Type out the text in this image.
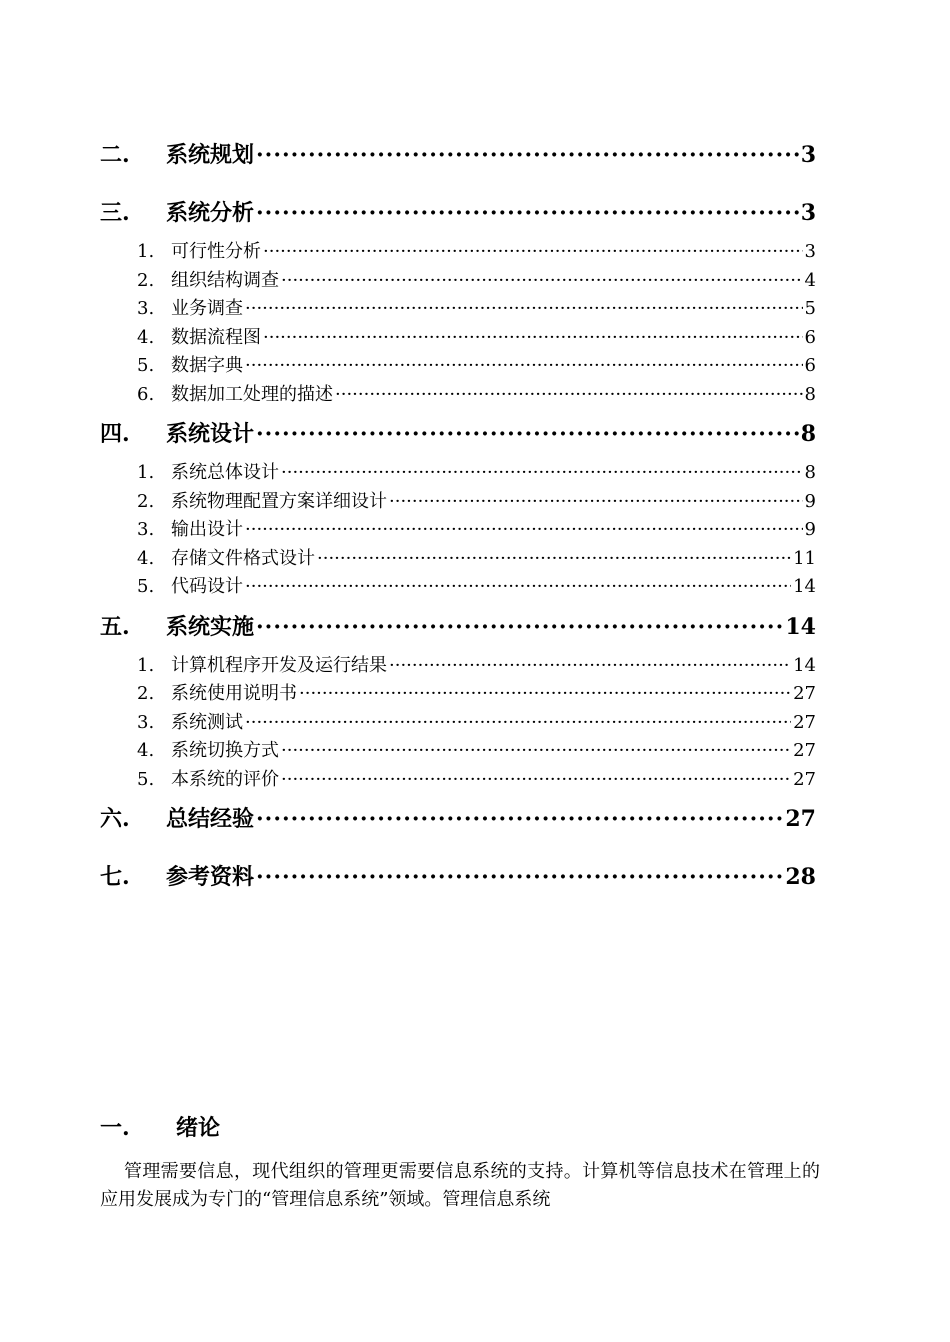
二.	系统规划 ·····	3
三.	系统分析 ·····	3
1. 可行性分析 ·····	3
2. 组织结构调查 ·····	4
3. 业务调查 ·····	5
4. 数据流程图 ·····	6
5. 数据字典 ·····	6
6. 数据加工处理的描述 ·····	8
四.	系统设计 ·····	8
1. 系统总体设计 ·····	8
2. 系统物理配置方案详细设计 ·····	9
3. 输出设计 ·····	9
4. 存储文件格式设计 ·····	11
5. 代码设计 ·····	14
五.	系统实施 ·····	14
1. 计算机程序开发及运行结果 ·····	14
2. 系统使用说明书 ·····	27
3. 系统测试 ·····	27
4. 系统切换方式 ·····	27
5. 本系统的评价 ·····	27
六.	总结经验 ·····	27
七.	参考资料 ·····	28
一.	绪论
管理需要信息，现代组织的管理更需要信息系统的支持。计算机等信息技术在管理上的应用发展成为专门的“管理信息系统”领域。管理信息系统
